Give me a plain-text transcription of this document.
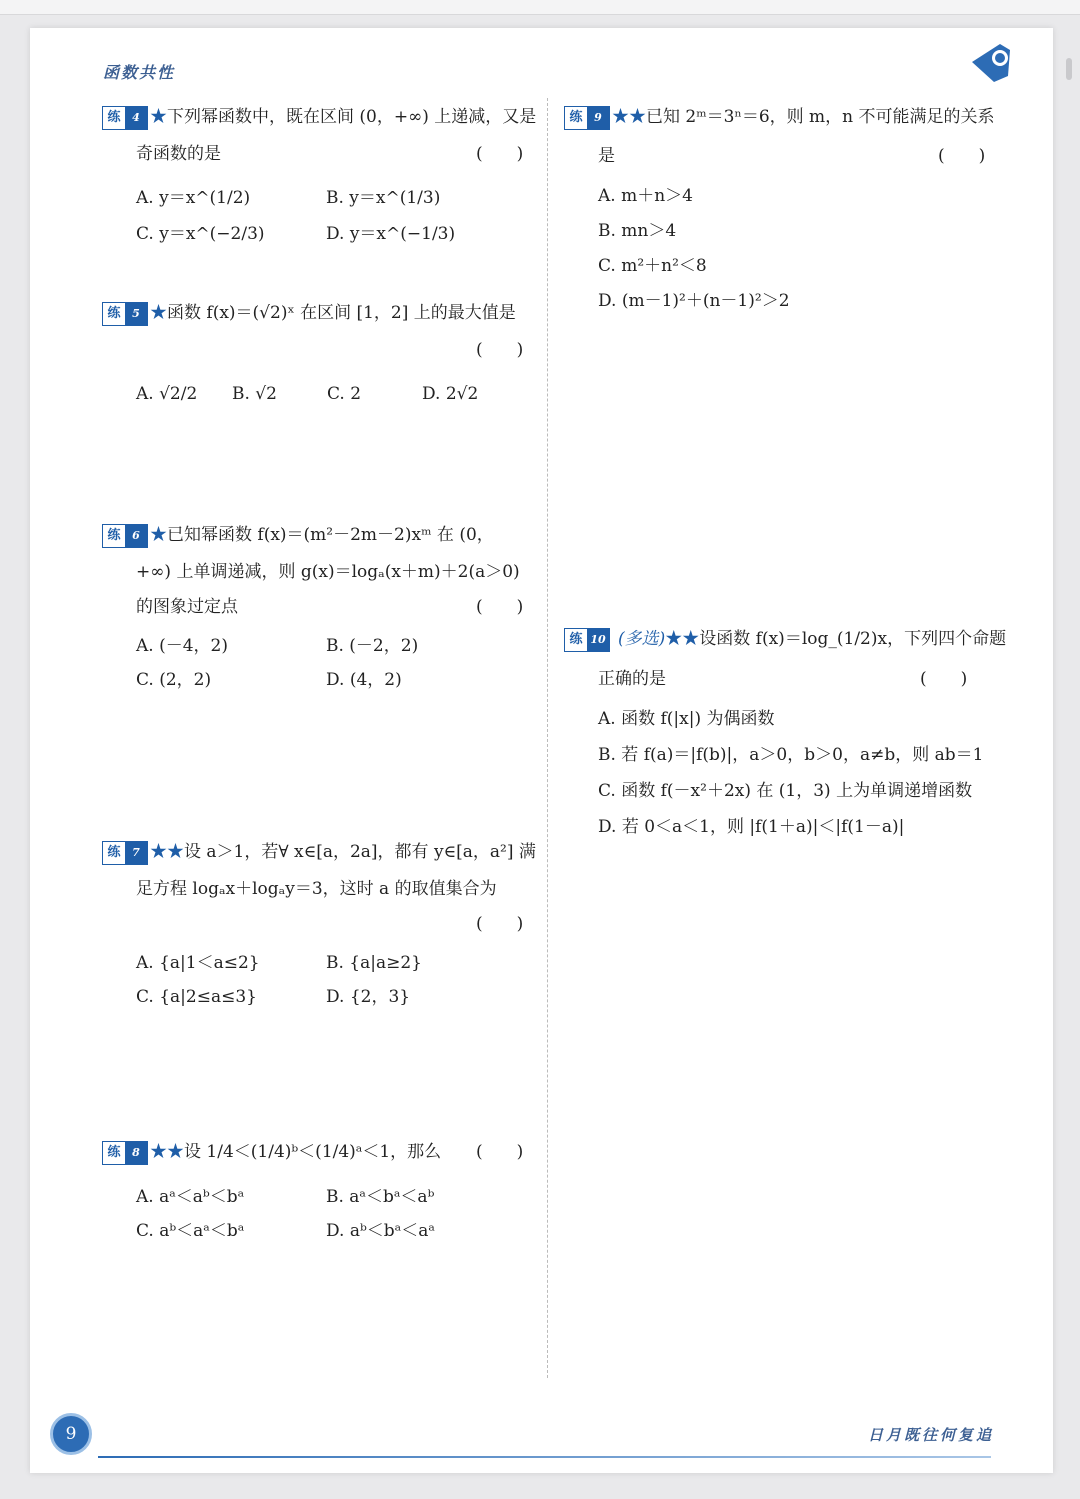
函数共性
练	4 ★下列幂函数中，既在区间 (0，+∞) 上递减，又是
奇函数的是	(　　)
A. y＝x^(1/2)	B. y＝x^(1/3)
C. y＝x^(−2/3)	D. y＝x^(−1/3)
练	5 ★函数 f(x)＝(√2)ˣ 在区间 [1，2] 上的最大值是
(　　)
A. √2/2 B. √2	C. 2	D. 2√2
练	6 ★已知幂函数 f(x)＝(m²－2m－2)xᵐ 在 (0，
+∞) 上单调递减，则 g(x)＝logₐ(x＋m)＋2(a＞0)
的图象过定点	(　　)
A. (－4，2)	B. (－2，2)
C. (2，2)	D. (4，2)
练	7 ★★设 a＞1，若∀ x∈[a，2a]，都有 y∈[a，a²] 满
足方程 logₐx＋logₐy＝3，这时 a 的取值集合为
(　　)
A. {a|1＜a≤2}	B. {a|a≥2}
C. {a|2≤a≤3}	D. {2，3}
练	8 ★★设 1/4＜(1/4)ᵇ＜(1/4)ᵃ＜1，那么 (　　)
A. aᵃ＜aᵇ＜bᵃ	B. aᵃ＜bᵃ＜aᵇ
C. aᵇ＜aᵃ＜bᵃ	D. aᵇ＜bᵃ＜aᵃ
练	9 ★★已知 2ᵐ＝3ⁿ＝6，则 m，n 不可能满足的关系
是	(　　)
A. m＋n＞4
B. mn＞4
C. m²＋n²＜8
D. (m－1)²＋(n－1)²＞2
练 10 (多选)★★设函数 f(x)＝log_(1/2)x，下列四个命题
正确的是	(　　)
A. 函数 f(|x|) 为偶函数
B. 若 f(a)＝|f(b)|，a＞0，b＞0，a≠b，则 ab＝1
C. 函数 f(－x²＋2x) 在 (1，3) 上为单调递增函数
D. 若 0＜a＜1，则 |f(1＋a)|＜|f(1－a)|
9	日月既往何复追
